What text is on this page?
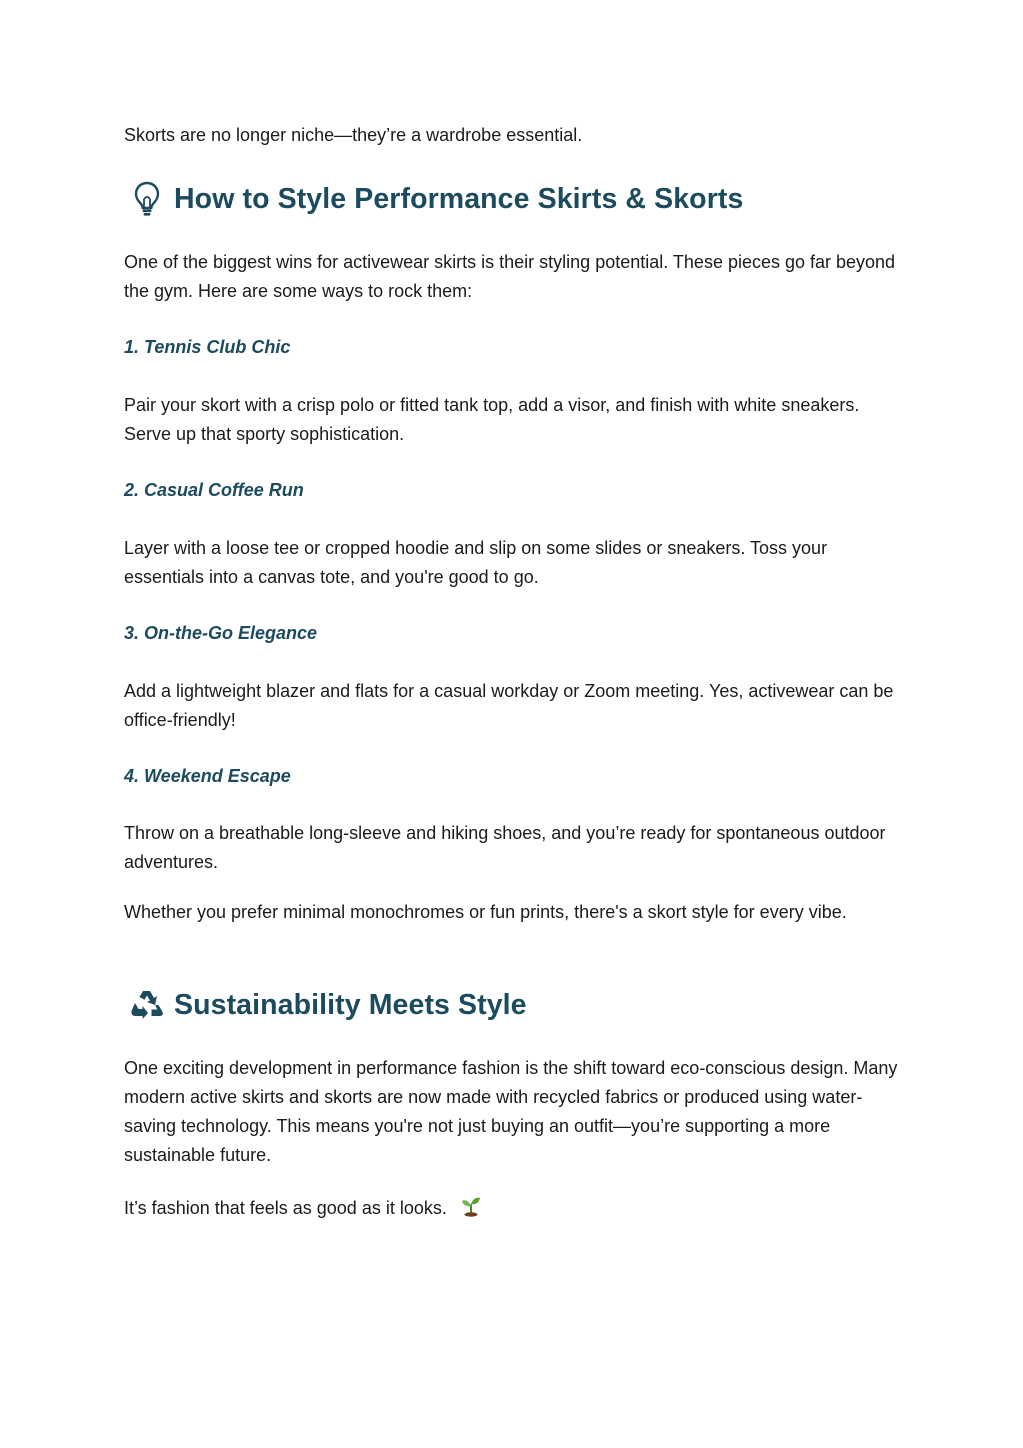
Skorts are no longer niche—they’re a wardrobe essential.

How to Style Performance Skirts & Skorts

One of the biggest wins for activewear skirts is their styling potential. These pieces go far beyond the gym. Here are some ways to rock them:

1. Tennis Club Chic

Pair your skort with a crisp polo or fitted tank top, add a visor, and finish with white sneakers. Serve up that sporty sophistication.

2. Casual Coffee Run

Layer with a loose tee or cropped hoodie and slip on some slides or sneakers. Toss your essentials into a canvas tote, and you're good to go.

3. On-the-Go Elegance

Add a lightweight blazer and flats for a casual workday or Zoom meeting. Yes, activewear can be office-friendly!

4. Weekend Escape

Throw on a breathable long-sleeve and hiking shoes, and you’re ready for spontaneous outdoor adventures.

Whether you prefer minimal monochromes or fun prints, there's a skort style for every vibe.

Sustainability Meets Style

One exciting development in performance fashion is the shift toward eco-conscious design. Many modern active skirts and skorts are now made with recycled fabrics or produced using water-saving technology. This means you're not just buying an outfit—you’re supporting a more sustainable future.

It’s fashion that feels as good as it looks.
